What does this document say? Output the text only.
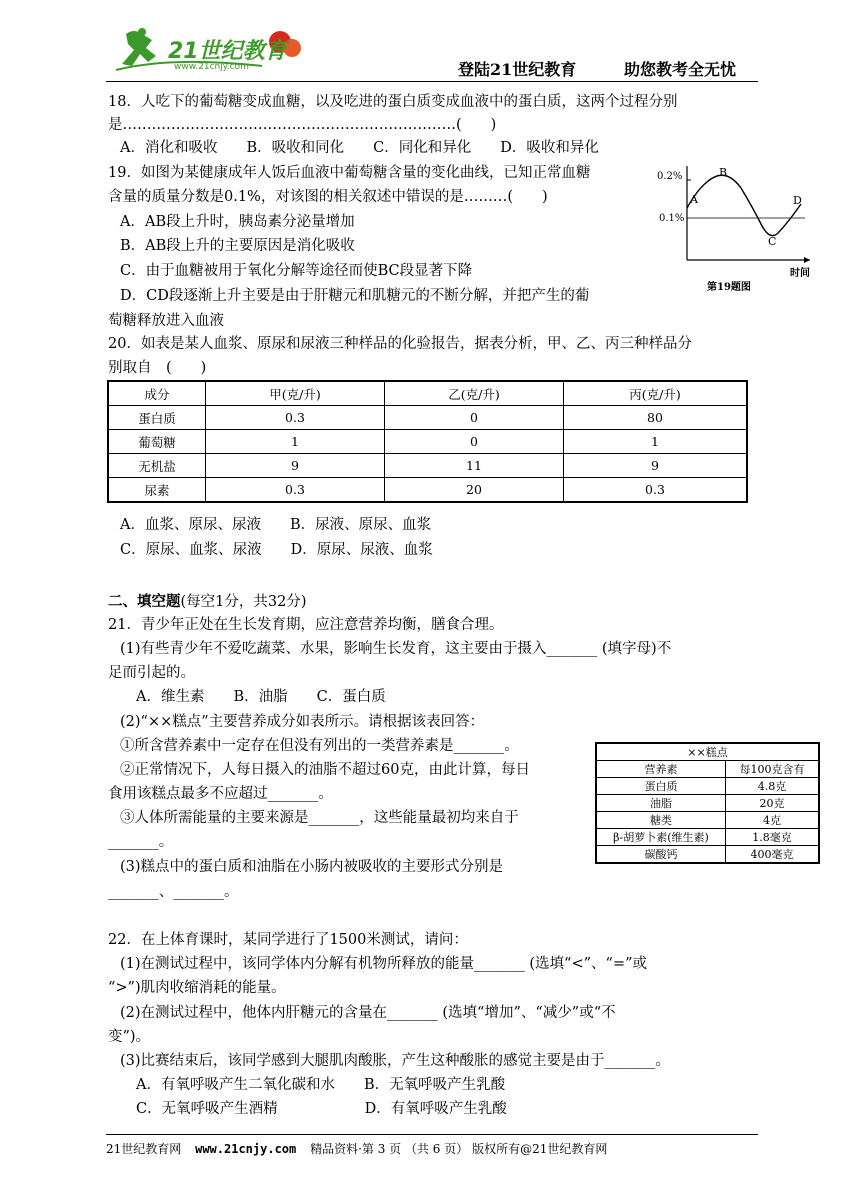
21世纪教育
www.21cnjy.com	登陆21世纪教育	助您教考全无忧
18．人吃下的葡萄糖变成血糖，以及吃进的蛋白质变成血液中的蛋白质，这两个过程分别
是……………………………………………………………(　　)
A．消化和吸收　　B．吸收和同化　　C．同化和异化　　D．吸收和异化
19．如图为某健康成年人饭后血液中葡萄糖含量的变化曲线，已知正常血糖
含量的质量分数是0.1%，对该图的相关叙述中错误的是………(　　)
A．AB段上升时，胰岛素分泌量增加
B．AB段上升的主要原因是消化吸收
C．由于血糖被用于氧化分解等途径而使BC段显著下降
D．CD段逐渐上升主要是由于肝糖元和肌糖元的不断分解，并把产生的葡
萄糖释放进入血液
0.2%
0.1%
A
B
C
D
时间
第19题图
20．如表是某人血浆、原尿和尿液三种样品的化验报告，据表分析，甲、乙、丙三种样品分
别取自　(　　)
成分	甲(克/升)	乙(克/升)	丙(克/升)
蛋白质	0.3	0	80
葡萄糖	1	0	1
无机盐	9	11	9
尿素	0.3	20	0.3
A．血浆、原尿、尿液　　B．尿液、原尿、血浆
C．原尿、血浆、尿液　　D．原尿、尿液、血浆
二、填空题(每空1分，共32分)
21．青少年正处在生长发育期，应注意营养均衡，膳食合理。
(1)有些青少年不爱吃蔬菜、水果，影响生长发育，这主要由于摄入_______ (填字母)不
足而引起的。
A．维生素　　B．油脂　　C．蛋白质
(2)“××糕点”主要营养成分如表所示。请根据该表回答：
①所含营养素中一定存在但没有列出的一类营养素是_______。
②正常情况下，人每日摄入的油脂不超过60克，由此计算，每日
食用该糕点最多不应超过_______。
③人体所需能量的主要来源是_______，这些能量最初均来自于
_______。
(3)糕点中的蛋白质和油脂在小肠内被吸收的主要形式分别是
_______、_______。
××糕点	
营养素	每100克含有
蛋白质	4.8克
油脂	20克
糖类	4克
β-胡萝卜素(维生素)	1.8毫克
碳酸钙	400毫克
22．在上体育课时，某同学进行了1500米测试，请问：
(1)在测试过程中，该同学体内分解有机物所释放的能量_______ (选填“<”、“=”或
“>”)肌肉收缩消耗的能量。
(2)在测试过程中，他体内肝糖元的含量在_______ (选填“增加”、“减少”或“不
变”)。
(3)比赛结束后，该同学感到大腿肌肉酸胀，产生这种酸胀的感觉主要是由于_______。
A．有氧呼吸产生二氧化碳和水　　B．无氧呼吸产生乳酸
C．无氧呼吸产生酒精　　　　　　D．有氧呼吸产生乳酸
21世纪教育网 www.21cnjy.com 精品资料·第 3 页 （共 6 页） 版权所有@21世纪教育网
